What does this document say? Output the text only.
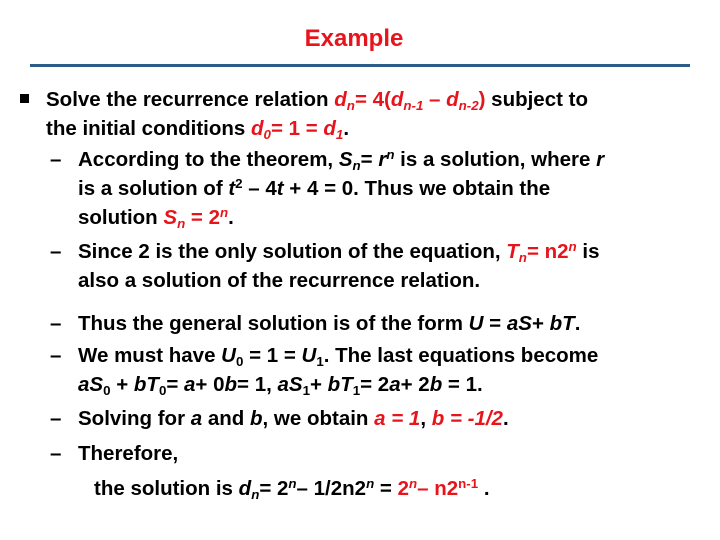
Example
Solve the recurrence relation $d_n= 4(d_{n-1} - d_{n-2})$ subject to
the initial conditions $d_0= 1 = d_1$.
– According to the theorem, $S_n= r^n$ is a solution, where r
is a solution of $t^2 - 4t + 4 = 0$. Thus we obtain the
solution $S_n = 2^n$.
– Since 2 is the only solution of the equation, $T_n= n2^n$ is
also a solution of the recurrence relation.
– Thus the general solution is of the form U = aS+ bT.
– We must have $U_0 = 1 = U_1$. The last equations become
$aS_0 + bT_0= a+ 0b= 1$, $aS_1+ bT_1= 2a+ 2b = 1$.
– Solving for a and b, we obtain a = 1, b = -1/2.
– Therefore,
the solution is $d_n= 2^n-$ $1/2n2^n = 2^n-$ n2$^{n-1}$ .
